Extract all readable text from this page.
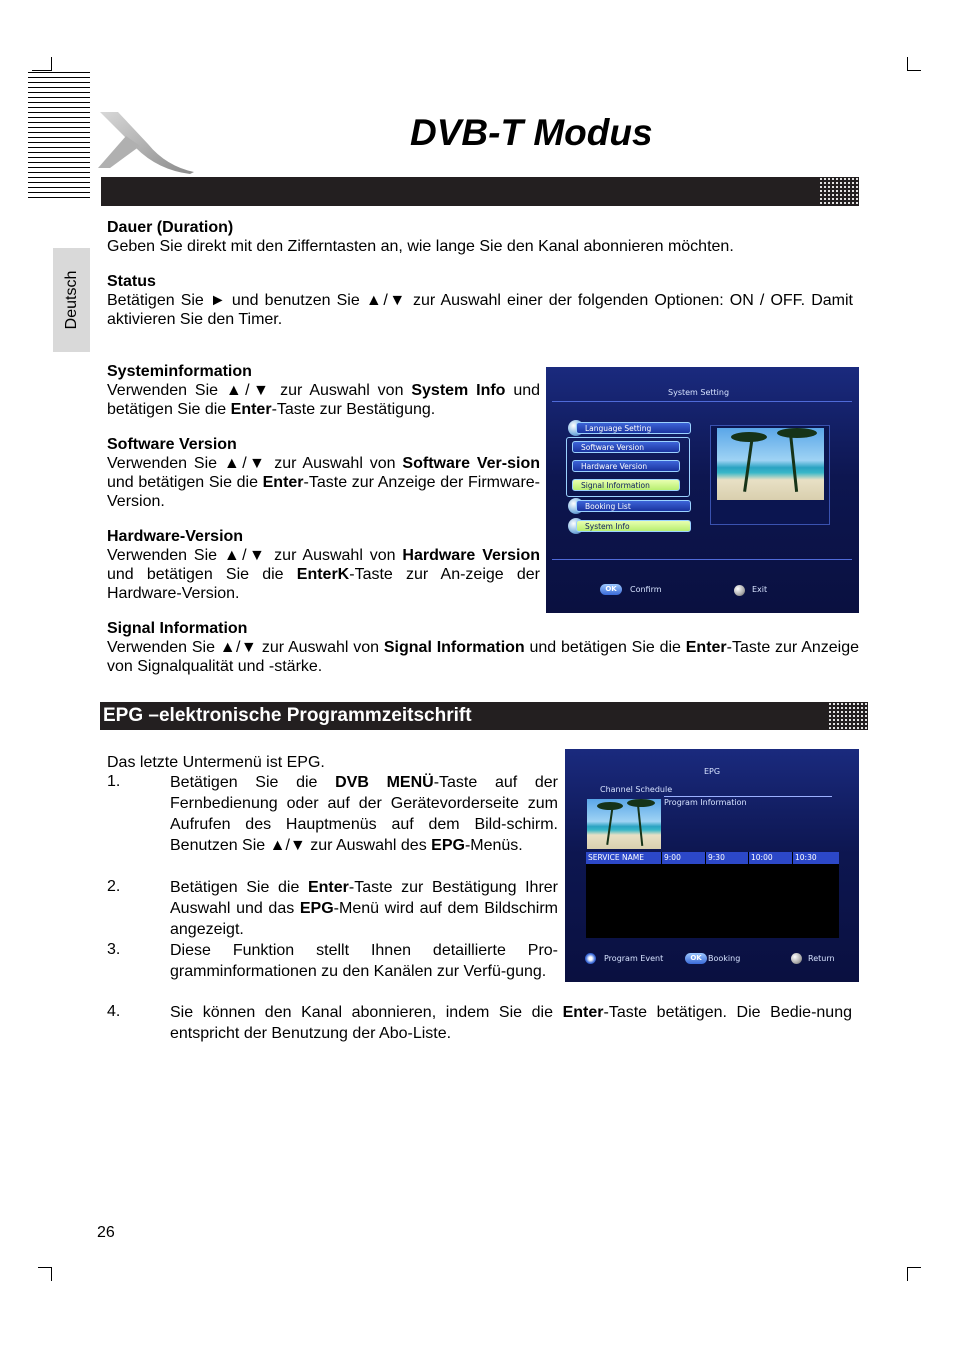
DVB-T Modus
Deutsch
Dauer (Duration)
Geben Sie direkt mit den Zifferntasten an, wie lange Sie den Kanal abonnieren möchten.
Status
Betätigen Sie ► und benutzen Sie ▲/▼ zur Auswahl einer der folgenden Optionen: ON / OFF. Damit aktivieren Sie den Timer.
Systeminformation
Verwenden Sie ▲/▼ zur Auswahl von System Info und betätigen Sie die Enter-Taste zur Bestätigung.
Software Version
Verwenden Sie ▲/▼ zur Auswahl von Software Ver-sion und betätigen Sie die Enter-Taste zur Anzeige der Firmware-Version.
Hardware-Version
Verwenden Sie ▲/▼ zur Auswahl von Hardware Version und betätigen Sie die EnterK-Taste zur An-zeige der Hardware-Version.
Signal Information
Verwenden Sie ▲/▼ zur Auswahl von Signal Information und betätigen Sie die Enter-Taste zur Anzeige von Signalqualität und -stärke.
System Setting
Language Setting
Software Version
Hardware Version
Signal Information
Booking List
System Info
OK	Confirm	Exit
EPG –elektronische Programmzeitschrift
Das letzte Untermenü ist EPG.
1.	Betätigen Sie die DVB MENÜ-Taste auf der Fernbedienung oder auf der Gerätevorderseite zum Aufrufen des Hauptmenüs auf dem Bild-schirm. Benutzen Sie ▲/▼ zur Auswahl des EPG-Menüs.
2.	Betätigen Sie die Enter-Taste zur Bestätigung Ihrer Auswahl und das EPG-Menü wird auf dem Bildschirm angezeigt.
3.	Diese Funktion stellt Ihnen detaillierte Pro-gramminformationen zu den Kanälen zur Verfü-gung.
4.	Sie können den Kanal abonnieren, indem Sie die Enter-Taste betätigen. Die Bedie-nung entspricht der Benutzung der Abo-Liste.
EPG
Channel Schedule
Program Information
SERVICE NAME	9:00	9:30	10:00	10:30
Program Event	OK Booking	Return
26
